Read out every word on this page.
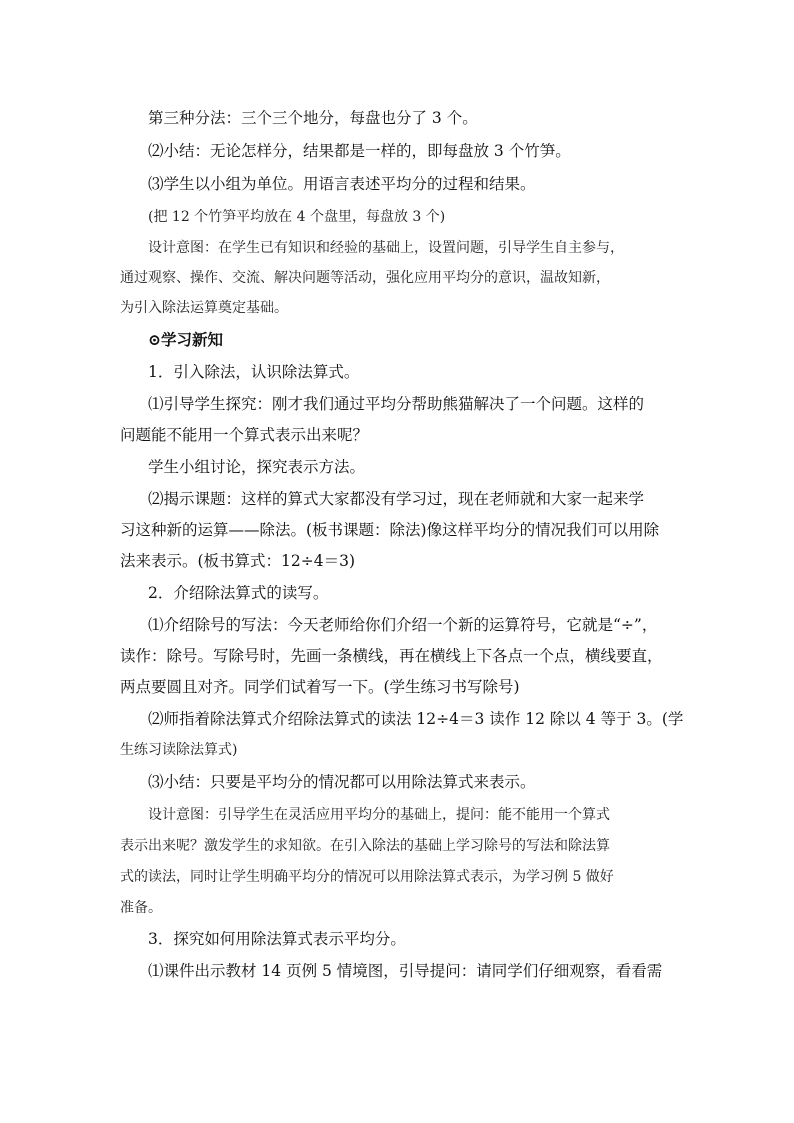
第三种分法：三个三个地分，每盘也分了 3 个。
⑵小结：无论怎样分，结果都是一样的，即每盘放 3 个竹笋。
⑶学生以小组为单位。用语言表述平均分的过程和结果。
(把 12 个竹笋平均放在 4 个盘里，每盘放 3 个)
设计意图：在学生已有知识和经验的基础上，设置问题，引导学生自主参与，
通过观察、操作、交流、解决问题等活动，强化应用平均分的意识，温故知新，
为引入除法运算奠定基础。
⊙学习新知
1．引入除法，认识除法算式。
⑴引导学生探究：刚才我们通过平均分帮助熊猫解决了一个问题。这样的
问题能不能用一个算式表示出来呢？
学生小组讨论，探究表示方法。
⑵揭示课题：这样的算式大家都没有学习过，现在老师就和大家一起来学
习这种新的运算——除法。(板书课题：除法)像这样平均分的情况我们可以用除
法来表示。(板书算式：12÷4＝3)
2．介绍除法算式的读写。
⑴介绍除号的写法：今天老师给你们介绍一个新的运算符号，它就是“÷”，
读作：除号。写除号时，先画一条横线，再在横线上下各点一个点，横线要直，
两点要圆且对齐。同学们试着写一下。(学生练习书写除号)
⑵师指着除法算式介绍除法算式的读法 12÷4＝3 读作 12 除以 4 等于 3。(学
生练习读除法算式)
⑶小结：只要是平均分的情况都可以用除法算式来表示。
设计意图：引导学生在灵活应用平均分的基础上，提问：能不能用一个算式
表示出来呢？激发学生的求知欲。在引入除法的基础上学习除号的写法和除法算
式的读法，同时让学生明确平均分的情况可以用除法算式表示，为学习例 5 做好
准备。
3．探究如何用除法算式表示平均分。
⑴课件出示教材 14 页例 5 情境图，引导提问：请同学们仔细观察，看看需
